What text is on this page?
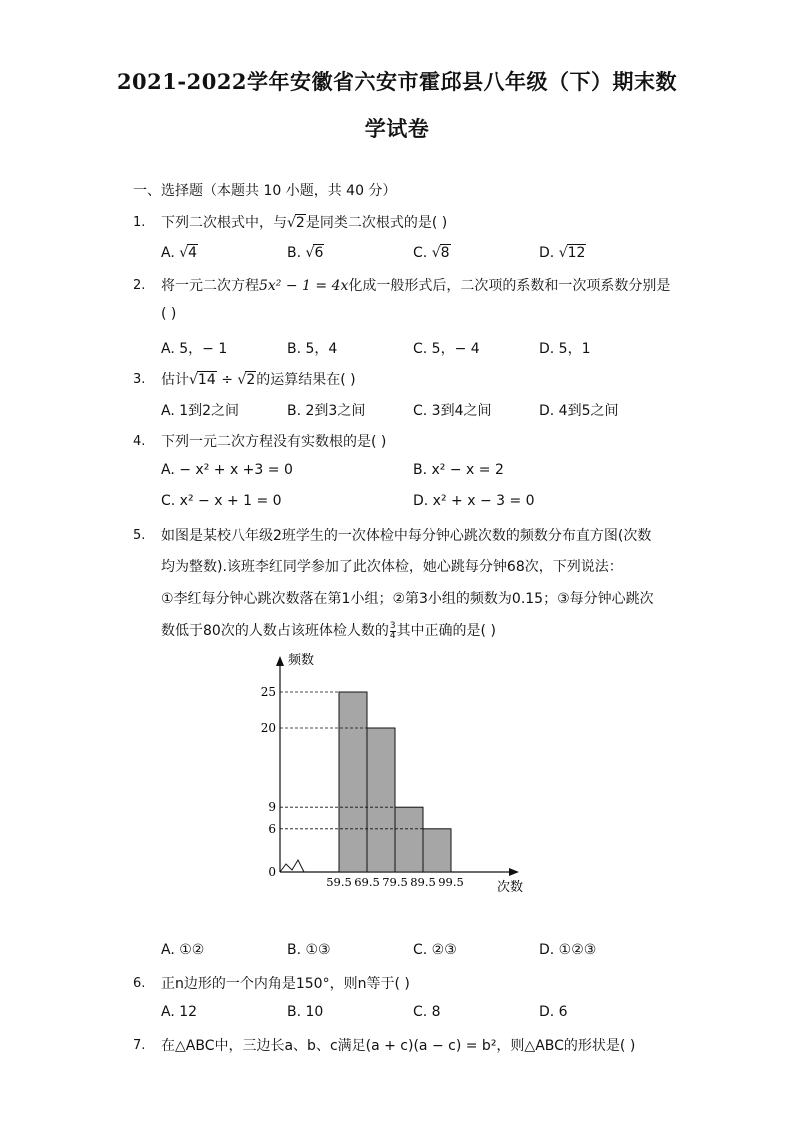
2021-2022学年安徽省六安市霍邱县八年级（下）期末数
学试卷
一、选择题（本题共 10 小题，共 40 分）
1. 下列二次根式中，与√2是同类二次根式的是( )
A. √4	B. √6	C. √8	D. √12
2. 将一元二次方程5x² − 1 = 4x化成一般形式后，二次项的系数和一次项系数分别是
( )
A. 5，− 1	B. 5，4	C. 5，− 4	D. 5，1
3. 估计√14 ÷ √2的运算结果在( )
A. 1到2之间	B. 2到3之间	C. 3到4之间	D. 4到5之间
4. 下列一元二次方程没有实数根的是( )
A. − x² + x +3 = 0	B. x² − x = 2
C. x² − x + 1 = 0	D. x² + x − 3 = 0
5. 如图是某校八年级2班学生的一次体检中每分钟心跳次数的频数分布直方图(次数
均为整数).该班李红同学参加了此次体检，她心跳每分钟68次，下列说法：
①李红每分钟心跳次数落在第1小组；②第3小组的频数为0.15；③每分钟心跳次
数低于80次的人数占该班体检人数的 $\frac{3}{4}$ 其中正确的是( )
频数
次数
25
20
9
6
0
59.5 69.5 79.5 89.5 99.5
A. ①②	B. ①③	C. ②③	D. ①②③
6. 正n边形的一个内角是150°，则n等于( )
A. 12	B. 10	C. 8	D. 6
7. 在△ABC中，三边长a、b、c满足(a + c)(a − c) = b²，则△ABC的形状是( )
